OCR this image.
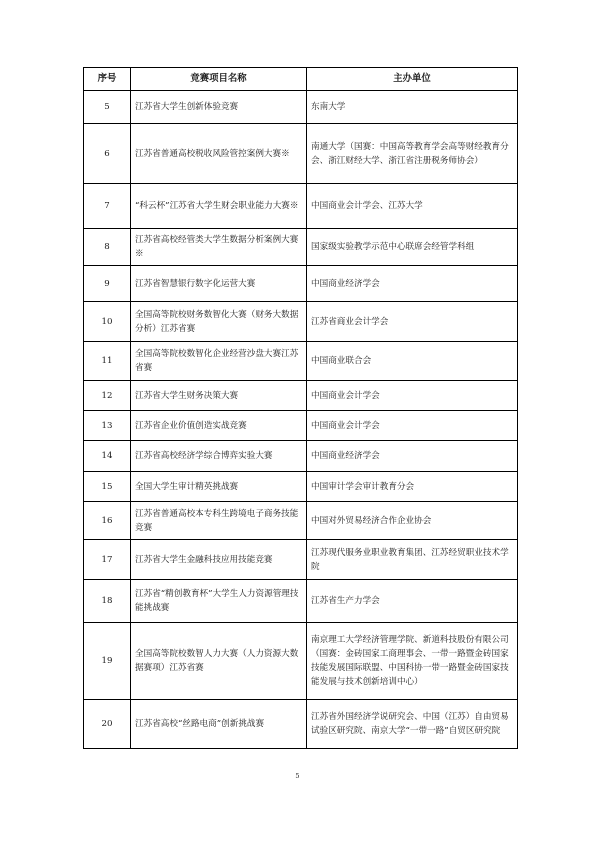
序号	竞赛项目名称	主办单位
5	江苏省大学生创新体验竞赛	东南大学
6	江苏省普通高校税收风险管控案例大赛※	南通大学（国赛：中国高等教育学会高等财经教育分会、浙江财经大学、浙江省注册税务师协会）
7	“科云杯”江苏省大学生财会职业能力大赛※	中国商业会计学会、江苏大学
8	江苏省高校经管类大学生数据分析案例大赛※	国家级实验教学示范中心联席会经管学科组
9	江苏省智慧银行数字化运营大赛	中国商业经济学会
10	全国高等院校财务数智化大赛（财务大数据分析）江苏省赛	江苏省商业会计学会
11	全国高等院校数智化企业经营沙盘大赛江苏省赛	中国商业联合会
12	江苏省大学生财务决策大赛	中国商业会计学会
13	江苏省企业价值创造实战竞赛	中国商业会计学会
14	江苏省高校经济学综合博弈实验大赛	中国商业经济学会
15	全国大学生审计精英挑战赛	中国审计学会审计教育分会
16	江苏省普通高校本专科生跨境电子商务技能竞赛	中国对外贸易经济合作企业协会
17	江苏省大学生金融科技应用技能竞赛	江苏现代服务业职业教育集团、江苏经贸职业技术学院
18	江苏省“精创教育杯”大学生人力资源管理技能挑战赛	江苏省生产力学会
19	全国高等院校数智人力大赛（人力资源大数据赛项）江苏省赛	南京理工大学经济管理学院、新道科技股份有限公司（国赛：金砖国家工商理事会、一带一路暨金砖国家技能发展国际联盟、中国科协一带一路暨金砖国家技能发展与技术创新培训中心）
20	江苏省高校“丝路电商”创新挑战赛	江苏省外国经济学说研究会、中国（江苏）自由贸易试验区研究院、南京大学“一带一路”自贸区研究院
5
